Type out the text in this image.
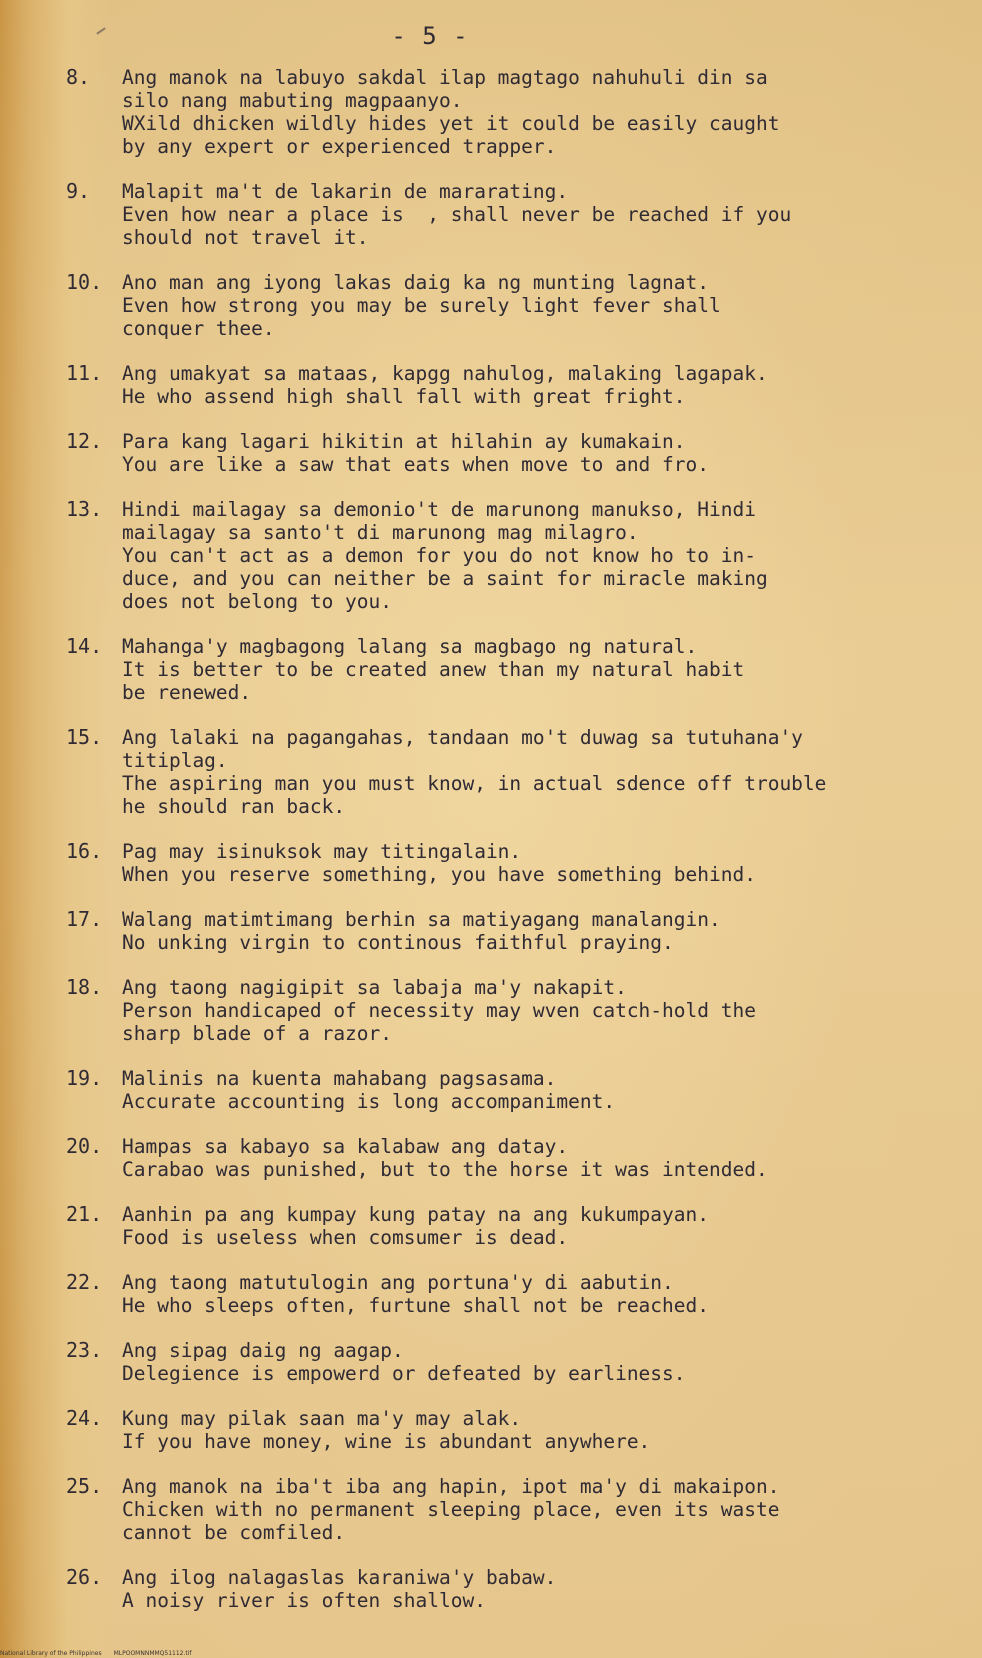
- 5 -
8.	Ang manok na labuyo sakdal ilap magtago nahuhuli din sa
silo nang mabuting magpaanyo.
WXild dhicken wildly hides yet it could be easily caught
by any expert or experienced trapper.
9.	Malapit ma't de lakarin de mararating.
Even how near a place is  , shall never be reached if you
should not travel it.
10.	Ano man ang iyong lakas daig ka ng munting lagnat.
Even how strong you may be surely light fever shall
conquer thee.
11.	Ang umakyat sa mataas, kapgg nahulog, malaking lagapak.
He who assend high shall fall with great fright.
12.	Para kang lagari hikitin at hilahin ay kumakain.
You are like a saw that eats when move to and fro.
13.	Hindi mailagay sa demonio't de marunong manukso, Hindi
mailagay sa santo't di marunong mag milagro.
You can't act as a demon for you do not know ho to in-
duce, and you can neither be a saint for miracle making
does not belong to you.
14.	Mahanga'y magbagong lalang sa magbago ng natural.
It is better to be created anew than my natural habit
be renewed.
15.	Ang lalaki na pagangahas, tandaan mo't duwag sa tutuhana'y
titiplag.
The aspiring man you must know, in actual sdence off trouble
he should ran back.
16.	Pag may isinuksok may titingalain.
When you reserve something, you have something behind.
17.	Walang matimtimang berhin sa matiyagang manalangin.
No unking virgin to continous faithful praying.
18.	Ang taong nagigipit sa labaja ma'y nakapit.
Person handicaped of necessity may wven catch-hold the
sharp blade of a razor.
19.	Malinis na kuenta mahabang pagsasama.
Accurate accounting is long accompaniment.
20.	Hampas sa kabayo sa kalabaw ang datay.
Carabao was punished, but to the horse it was intended.
21.	Aanhin pa ang kumpay kung patay na ang kukumpayan.
Food is useless when comsumer is dead.
22.	Ang taong matutulogin ang portuna'y di aabutin.
He who sleeps often, furtune shall not be reached.
23.	Ang sipag daig ng aagap.
Delegience is empowerd or defeated by earliness.
24.	Kung may pilak saan ma'y may alak.
If you have money, wine is abundant anywhere.
25.	Ang manok na iba't iba ang hapin, ipot ma'y di makaipon.
Chicken with no permanent sleeping place, even its waste
cannot be comfiled.
26.	Ang ilog nalagaslas karaniwa'y babaw.
A noisy river is often shallow.
National Library of the Philippines MLPOOMNNMMQ51112.tif
